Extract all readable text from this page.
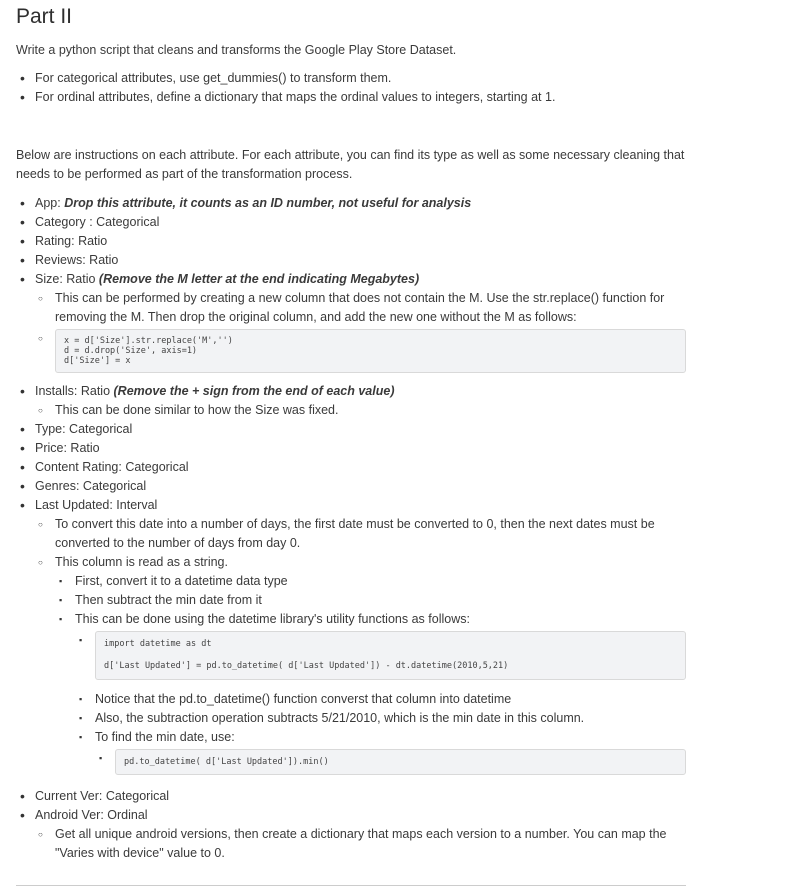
Part II

Write a python script that cleans and transforms the Google Play Store Dataset.

• For categorical attributes, use get_dummies() to transform them.
• For ordinal attributes, define a dictionary that maps the ordinal values to integers, starting at 1.

Below are instructions on each attribute. For each attribute, you can find its type as well as some necessary cleaning that needs to be performed as part of the transformation process.

• App: Drop this attribute, it counts as an ID number, not useful for analysis
• Category : Categorical
• Rating: Ratio
• Reviews: Ratio
• Size: Ratio (Remove the M letter at the end indicating Megabytes)
○ This can be performed by creating a new column that does not contain the M. Use the str.replace() function for removing the M. Then drop the original column, and add the new one without the M as follows:
○ x = d['Size'].str.replace('M','')
d = d.drop('Size', axis=1)
d['Size'] = x
• Installs: Ratio (Remove the + sign from the end of each value)
○ This can be done similar to how the Size was fixed.
• Type: Categorical
• Price: Ratio
• Content Rating: Categorical
• Genres: Categorical
• Last Updated: Interval
○ To convert this date into a number of days, the first date must be converted to 0, then the next dates must be converted to the number of days from day 0.
○ This column is read as a string.
▪ First, convert it to a datetime data type
▪ Then subtract the min date from it
▪ This can be done using the datetime library's utility functions as follows:
▪ import datetime as dt
d['Last Updated'] = pd.to_datetime( d['Last Updated']) - dt.datetime(2010,5,21)
▪ Notice that the pd.to_datetime() function converst that column into datetime
▪ Also, the subtraction operation subtracts 5/21/2010, which is the min date in this column.
▪ To find the min date, use:
▪ pd.to_datetime( d['Last Updated']).min()
• Current Ver: Categorical
• Android Ver: Ordinal
○ Get all unique android versions, then create a dictionary that maps each version to a number. You can map the "Varies with device" value to 0.
